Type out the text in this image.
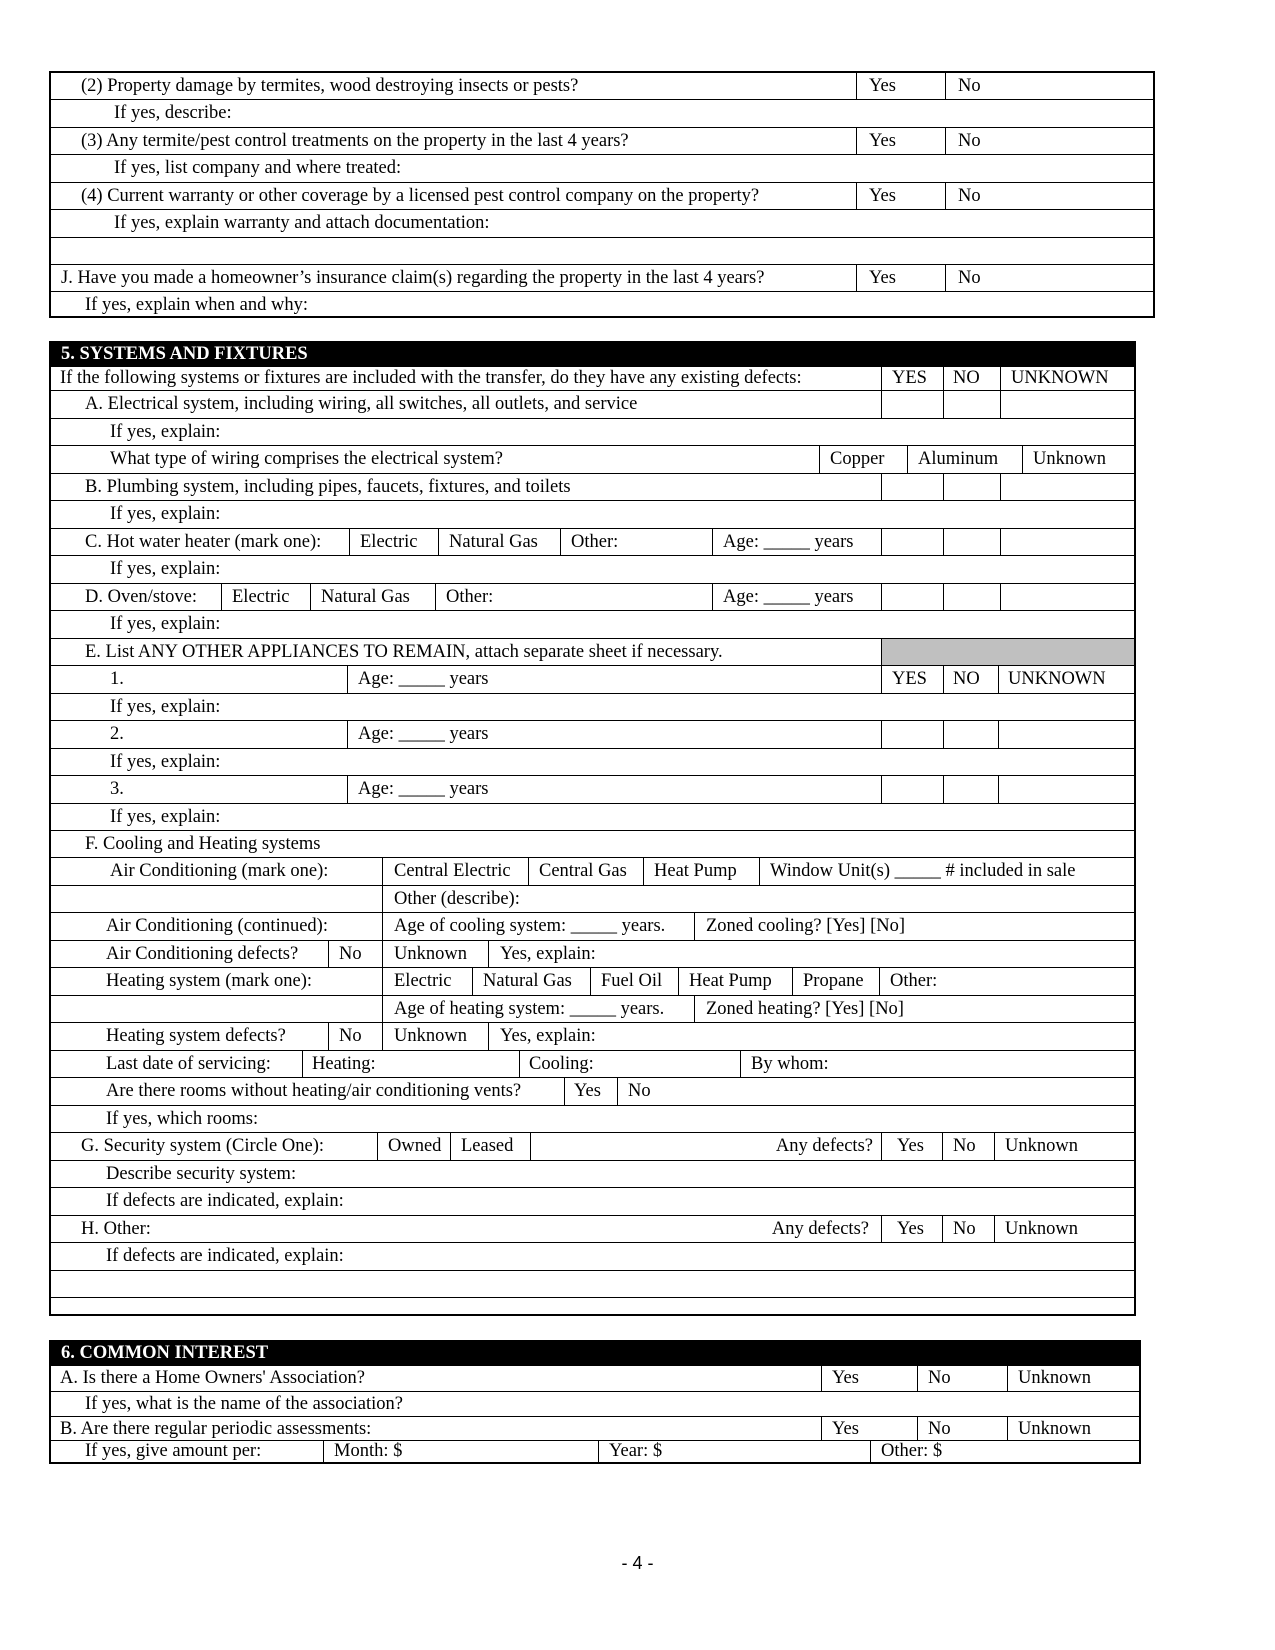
(2) Property damage by termites, wood destroying insects or pests?	Yes	No
If yes, describe:
(3) Any termite/pest control treatments on the property in the last 4 years?	Yes	No
If yes, list company and where treated:
(4) Current warranty or other coverage by a licensed pest control company on the property?	Yes	No
If yes, explain warranty and attach documentation:
J. Have you made a homeowner’s insurance claim(s) regarding the property in the last 4 years?	Yes	No
If yes, explain when and why:
5. SYSTEMS AND FIXTURES
If the following systems or fixtures are included with the transfer, do they have any existing defects:	YES	NO	UNKNOWN
A. Electrical system, including wiring, all switches, all outlets, and service
If yes, explain:
What type of wiring comprises the electrical system?	Copper	Aluminum	Unknown
B. Plumbing system, including pipes, faucets, fixtures, and toilets
If yes, explain:
C. Hot water heater (mark one):	Electric	Natural Gas	Other:	Age: _____ years
If yes, explain:
D. Oven/stove:	Electric	Natural Gas	Other:	Age: _____ years
If yes, explain:
E. List ANY OTHER APPLIANCES TO REMAIN, attach separate sheet if necessary.
1.	Age: _____ years	YES	NO	UNKNOWN
If yes, explain:
2.	Age: _____ years
If yes, explain:
3.	Age: _____ years
If yes, explain:
F. Cooling and Heating systems
Air Conditioning (mark one):	Central Electric	Central Gas	Heat Pump	Window Unit(s) _____ # included in sale
Other (describe):
Air Conditioning (continued):	Age of cooling system: _____ years.	Zoned cooling? [Yes] [No]
Air Conditioning defects?	No	Unknown	Yes, explain:
Heating system (mark one):	Electric	Natural Gas	Fuel Oil	Heat Pump	Propane	Other:
Age of heating system: _____ years.	Zoned heating? [Yes] [No]
Heating system defects?	No	Unknown	Yes, explain:
Last date of servicing:	Heating:	Cooling:	By whom:
Are there rooms without heating/air conditioning vents?	Yes	No
If yes, which rooms:
G. Security system (Circle One):	Owned	Leased	Any defects?	Yes	No	Unknown
Describe security system:
If defects are indicated, explain:
H. Other:	Any defects?	Yes	No	Unknown
If defects are indicated, explain:
6. COMMON INTEREST
A. Is there a Home Owners' Association?	Yes	No	Unknown
If yes, what is the name of the association?
B. Are there regular periodic assessments:	Yes	No	Unknown
If yes, give amount per:	Month: $	Year: $	Other: $
- 4 -
